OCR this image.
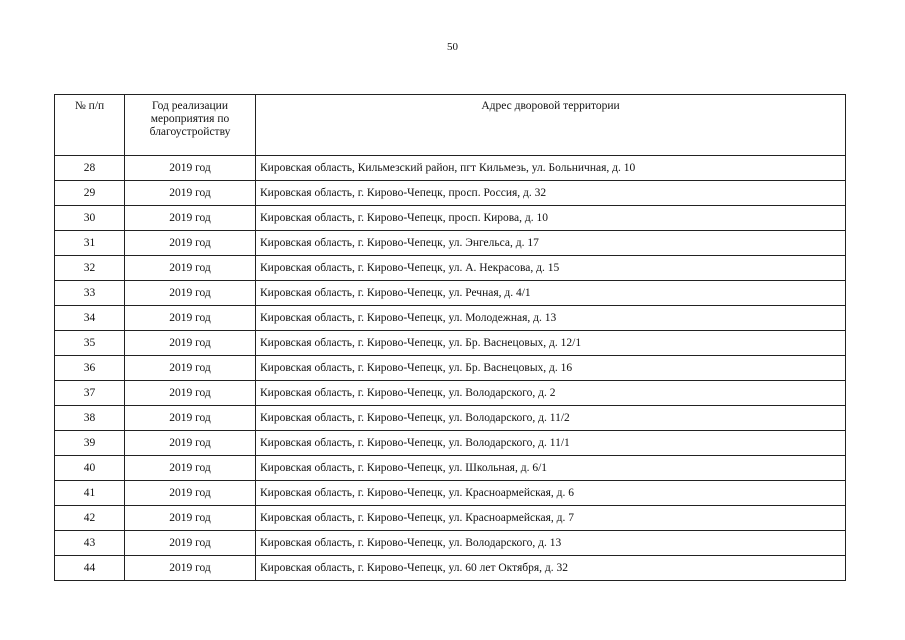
50
№ п/п	Год реализации мероприятия по благоустройству	Адрес дворовой территории
28	2019 год	Кировская область, Кильмезский район, пгт Кильмезь, ул. Больничная, д. 10
29	2019 год	Кировская область, г. Кирово-Чепецк, просп. Россия, д. 32
30	2019 год	Кировская область, г. Кирово-Чепецк, просп. Кирова, д. 10
31	2019 год	Кировская область, г. Кирово-Чепецк, ул. Энгельса, д. 17
32	2019 год	Кировская область, г. Кирово-Чепецк, ул. А. Некрасова, д. 15
33	2019 год	Кировская область, г. Кирово-Чепецк, ул. Речная, д. 4/1
34	2019 год	Кировская область, г. Кирово-Чепецк, ул. Молодежная, д. 13
35	2019 год	Кировская область, г. Кирово-Чепецк, ул. Бр. Васнецовых, д. 12/1
36	2019 год	Кировская область, г. Кирово-Чепецк, ул. Бр. Васнецовых, д. 16
37	2019 год	Кировская область, г. Кирово-Чепецк, ул. Володарского, д. 2
38	2019 год	Кировская область, г. Кирово-Чепецк, ул. Володарского, д. 11/2
39	2019 год	Кировская область, г. Кирово-Чепецк, ул. Володарского, д. 11/1
40	2019 год	Кировская область, г. Кирово-Чепецк, ул. Школьная, д. 6/1
41	2019 год	Кировская область, г. Кирово-Чепецк, ул. Красноармейская, д. 6
42	2019 год	Кировская область, г. Кирово-Чепецк, ул. Красноармейская, д. 7
43	2019 год	Кировская область, г. Кирово-Чепецк, ул. Володарского, д. 13
44	2019 год	Кировская область, г. Кирово-Чепецк, ул. 60 лет Октября, д. 32
